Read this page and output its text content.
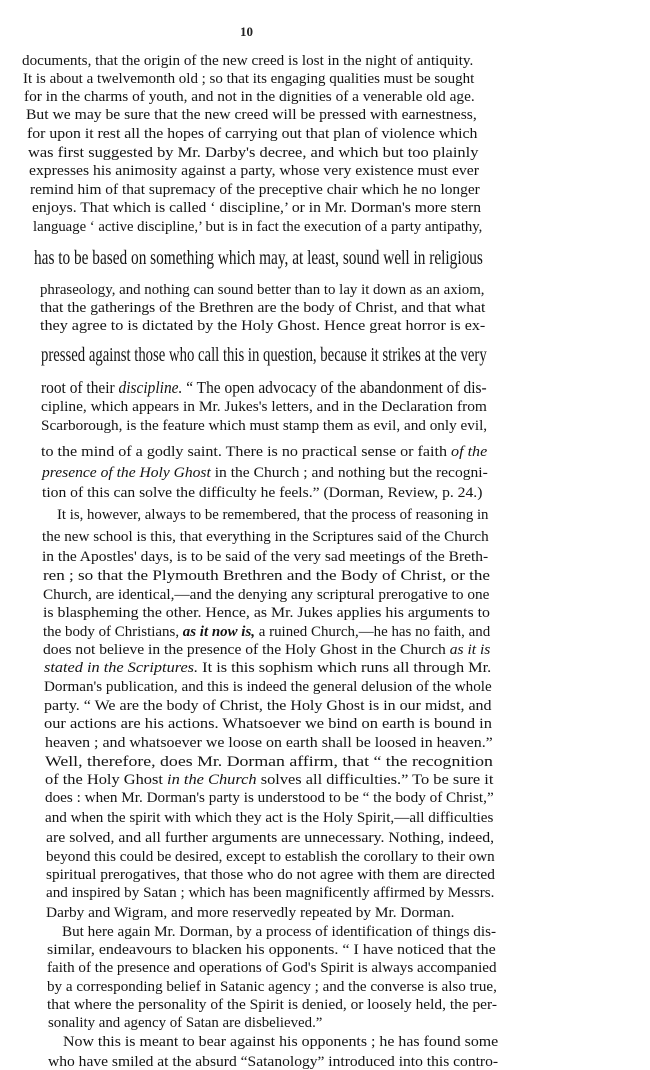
10
documents, that the origin of the new creed is lost in the night of antiquity.
It is about a twelvemonth old ; so that its engaging qualities must be sought
for in the charms of youth, and not in the dignities of a venerable old age.
But we may be sure that the new creed will be pressed with earnestness,
for upon it rest all the hopes of carrying out that plan of violence which
was first suggested by Mr. Darby's decree, and which but too plainly
expresses his animosity against a party, whose very existence must ever
remind him of that supremacy of the preceptive chair which he no longer
enjoys. That which is called ‘ discipline,’ or in Mr. Dorman's more stern
language ‘ active discipline,’ but is in fact the execution of a party antipathy,
has to be based on something which may, at least, sound well in religious
phraseology, and nothing can sound better than to lay it down as an axiom,
that the gatherings of the Brethren are the body of Christ, and that what
they agree to is dictated by the Holy Ghost. Hence great horror is ex-
pressed against those who call this in question, because it strikes at the very
root of their discipline. “ The open advocacy of the abandonment of dis-
cipline, which appears in Mr. Jukes's letters, and in the Declaration from
Scarborough, is the feature which must stamp them as evil, and only evil,
to the mind of a godly saint. There is no practical sense or faith of the
presence of the Holy Ghost in the Church ; and nothing but the recogni-
tion of this can solve the difficulty he feels.” (Dorman, Review, p. 24.)
It is, however, always to be remembered, that the process of reasoning in
the new school is this, that everything in the Scriptures said of the Church
in the Apostles' days, is to be said of the very sad meetings of the Breth-
ren ; so that the Plymouth Brethren and the Body of Christ, or the
Church, are identical,—and the denying any scriptural prerogative to one
is blaspheming the other. Hence, as Mr. Jukes applies his arguments to
the body of Christians, as it now is, a ruined Church,—he has no faith, and
does not believe in the presence of the Holy Ghost in the Church as it is
stated in the Scriptures. It is this sophism which runs all through Mr.
Dorman's publication, and this is indeed the general delusion of the whole
party. “ We are the body of Christ, the Holy Ghost is in our midst, and
our actions are his actions. Whatsoever we bind on earth is bound in
heaven ; and whatsoever we loose on earth shall be loosed in heaven.”
Well, therefore, does Mr. Dorman affirm, that “ the recognition
of the Holy Ghost in the Church solves all difficulties.” To be sure it
does : when Mr. Dorman's party is understood to be “ the body of Christ,”
and when the spirit with which they act is the Holy Spirit,—all difficulties
are solved, and all further arguments are unnecessary. Nothing, indeed,
beyond this could be desired, except to establish the corollary to their own
spiritual prerogatives, that those who do not agree with them are directed
and inspired by Satan ; which has been magnificently affirmed by Messrs.
Darby and Wigram, and more reservedly repeated by Mr. Dorman.
But here again Mr. Dorman, by a process of identification of things dis-
similar, endeavours to blacken his opponents. “ I have noticed that the
faith of the presence and operations of God's Spirit is always accompanied
by a corresponding belief in Satanic agency ; and the converse is also true,
that where the personality of the Spirit is denied, or loosely held, the per-
sonality and agency of Satan are disbelieved.”
Now this is meant to bear against his opponents ; he has found some
who have smiled at the absurd “Satanology” introduced into this contro-
